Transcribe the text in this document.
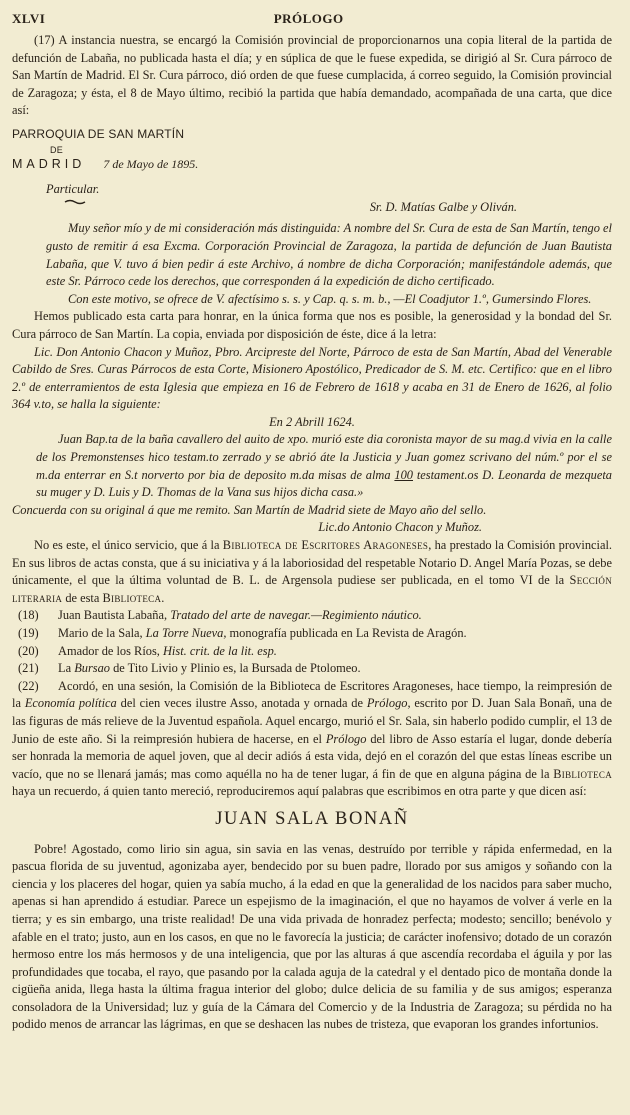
XLVI	PRÓLOGO

(17) A instancia nuestra, se encargó la Comisión provincial de proporcionarnos una copia literal de la partida de defunción de Labaña, no publicada hasta el día; y en súplica de que le fuese expedida, se dirigió al Sr. Cura párroco de San Martín de Madrid. El Sr. Cura párroco, dió orden de que fuese cumplacida, á correo seguido, la Comisión provincial de Zaragoza; y ésta, el 8 de Mayo último, recibió la partida que había demandado, acompañada de una carta, que dice así:

PARROQUIA DE SAN MARTÍN
DE
MADRID 7 de Mayo de 1895.

Particular.

Sr. D. Matías Galbe y Oliván.

Muy señor mío y de mi consideración más distinguida: A nombre del Sr. Cura de esta de San Martín, tengo el gusto de remitir á esa Excma. Corporación Provincial de Zaragoza, la partida de defunción de Juan Bautista Labaña, que V. tuvo á bien pedir á este Archivo, á nombre de dicha Corporación; manifestándole además, que este Sr. Párroco cede los derechos, que corresponden á la expedición de dicho certificado.

Con este motivo, se ofrece de V. afectísimo s. s. y Cap. q. s. m. b., —El Coadjutor 1.º, Gumersindo Flores.

Hemos publicado esta carta para honrar, en la única forma que nos es posible, la generosidad y la bondad del Sr. Cura párroco de San Martín. La copia, enviada por disposición de éste, dice á la letra:

Lic. Don Antonio Chacon y Muñoz, Pbro. Arcipreste del Norte, Párroco de esta de San Martín, Abad del Venerable Cabildo de Sres. Curas Párrocos de esta Corte, Misionero Apostólico, Predicador de S. M. etc. Certifico: que en el libro 2.º de enterramientos de esta Iglesia que empieza en 16 de Febrero de 1618 y acaba en 31 de Enero de 1626, al folio 364 v.to, se halla la siguiente:

En 2 Abrill 1624.

Juan Bap.ta de la baña cavallero del auito de xpo. murió este dia coronista mayor de su mag.d vivia en la calle de los Premonstenses hico testam.to zerrado y se abrió áte la Justicia y Juan gomez scrivano del núm.º por el se m.da enterrar en S.t norverto por bia de deposito m.da misas de alma 100 testament.os D. Leonarda de mezqueta su muger y D. Luis y D. Thomas de la Vana sus hijos dicha casa.»

Concuerda con su original á que me remito. San Martín de Madrid siete de Mayo año del sello.

Lic.do Antonio Chacon y Muñoz.

No es este, el único servicio, que á la Biblioteca de Escritores Aragoneses, ha prestado la Comisión provincial. En sus libros de actas consta, que á su iniciativa y á la laboriosidad del respetable Notario D. Angel María Pozas, se debe únicamente, el que la última voluntad de B. L. de Argensola pudiese ser publicada, en el tomo VI de la Sección literaria de esta Biblioteca.

(18)	Juan Bautista Labaña, Tratado del arte de navegar.—Regimiento náutico.
(19)	Mario de la Sala, La Torre Nueva, monografía publicada en La Revista de Aragón.
(20)	Amador de los Ríos, Hist. crit. de la lit. esp.
(21)	La Bursao de Tito Livio y Plinio es, la Bursada de Ptolomeo.

(22) Acordó, en una sesión, la Comisión de la Biblioteca de Escritores Aragoneses, hace tiempo, la reimpresión de la Economía política del cien veces ilustre Asso, anotada y ornada de Prólogo, escrito por D. Juan Sala Bonañ, una de las figuras de más relieve de la Juventud española. Aquel encargo, murió el Sr. Sala, sin haberlo podido cumplir, el 13 de Junio de este año. Si la reimpresión hubiera de hacerse, en el Prólogo del libro de Asso estaría el lugar, donde debería ser honrada la memoria de aquel joven, que al decir adiós á esta vida, dejó en el corazón del que estas líneas escribe un vacío, que no se llenará jamás; mas como aquélla no ha de tener lugar, á fin de que en alguna página de la Biblioteca haya un recuerdo, á quien tanto mereció, reproduciremos aquí palabras que escribimos en otra parte y que dicen así:

JUAN SALA BONAÑ

Pobre! Agostado, como lirio sin agua, sin savia en las venas, destruído por terrible y rápida enfermedad, en la pascua florida de su juventud, agonizaba ayer, bendecido por su buen padre, llorado por sus amigos y soñando con la ciencia y los placeres del hogar, quien ya sabía mucho, á la edad en que la generalidad de los nacidos para saber mucho, apenas si han aprendido á estudiar. Parece un espejismo de la imaginación, el que no hayamos de volver á verle en la tierra; y es sin embargo, una triste realidad! De una vida privada de honradez perfecta; modesto; sencillo; benévolo y afable en el trato; justo, aun en los casos, en que no le favorecía la justicia; de carácter inofensivo; dotado de un corazón hermoso entre los más hermosos y de una inteligencia, que por las alturas á que ascendía recordaba el águila y por las profundidades que tocaba, el rayo, que pasando por la calada aguja de la catedral y el dentado pico de montaña donde la cigüeña anida, llega hasta la última fragua interior del globo; dulce delicia de su familia y de sus amigos; esperanza consoladora de la Universidad; luz y guía de la Cámara del Comercio y de la Industria de Zaragoza; su pérdida no ha podido menos de arrancar las lágrimas, en que se deshacen las nubes de tristeza, que evaporan los grandes infortunios.
